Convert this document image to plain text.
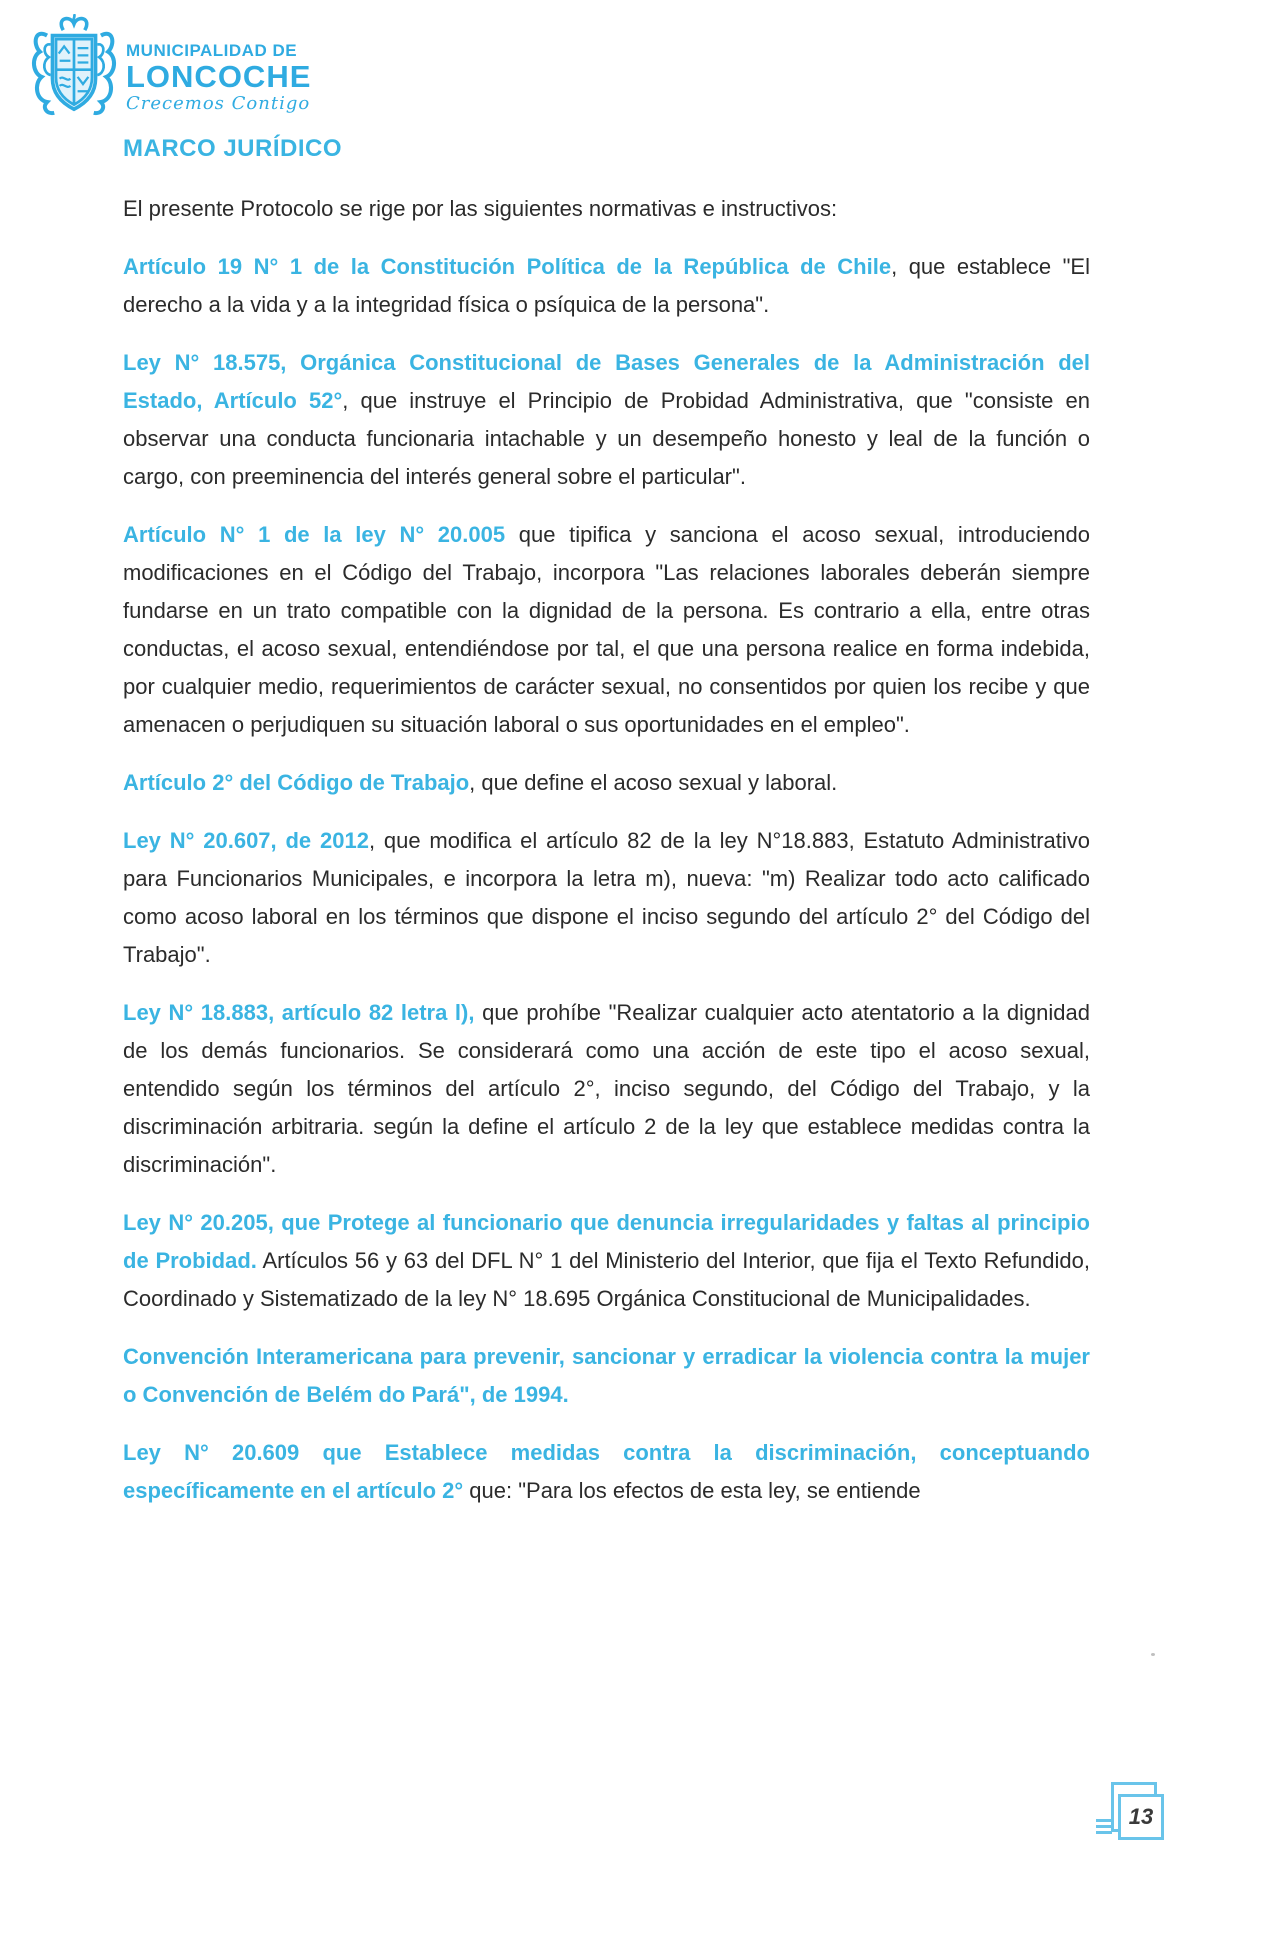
MUNICIPALIDAD DE
LONCOCHE
Crecemos Contigo
MARCO JURÍDICO

El presente Protocolo se rige por las siguientes normativas e instructivos:

Artículo 19 N° 1 de la Constitución Política de la República de Chile, que establece "El derecho a la vida y a la integridad física o psíquica de la persona".

Ley N° 18.575, Orgánica Constitucional de Bases Generales de la Administración del Estado, Artículo 52°, que instruye el Principio de Probidad Administrativa, que "consiste en observar una conducta funcionaria intachable y un desempeño honesto y leal de la función o cargo, con preeminencia del interés general sobre el particular".

Artículo N° 1 de la ley N° 20.005 que tipifica y sanciona el acoso sexual, introduciendo modificaciones en el Código del Trabajo, incorpora "Las relaciones laborales deberán siempre fundarse en un trato compatible con la dignidad de la persona. Es contrario a ella, entre otras conductas, el acoso sexual, entendiéndose por tal, el que una persona realice en forma indebida, por cualquier medio, requerimientos de carácter sexual, no consentidos por quien los recibe y que amenacen o perjudiquen su situación laboral o sus oportunidades en el empleo".

Artículo 2° del Código de Trabajo, que define el acoso sexual y laboral.

Ley N° 20.607, de 2012, que modifica el artículo 82 de la ley N°18.883, Estatuto Administrativo para Funcionarios Municipales, e incorpora la letra m), nueva: "m) Realizar todo acto calificado como acoso laboral en los términos que dispone el inciso segundo del artículo 2° del Código del Trabajo".

Ley N° 18.883, artículo 82 letra l), que prohíbe "Realizar cualquier acto atentatorio a la dignidad de los demás funcionarios. Se considerará como una acción de este tipo el acoso sexual, entendido según los términos del artículo 2°, inciso segundo, del Código del Trabajo, y la discriminación arbitraria. según la define el artículo 2 de la ley que establece medidas contra la discriminación".

Ley N° 20.205, que Protege al funcionario que denuncia irregularidades y faltas al principio de Probidad. Artículos 56 y 63 del DFL N° 1 del Ministerio del Interior, que fija el Texto Refundido, Coordinado y Sistematizado de la ley N° 18.695 Orgánica Constitucional de Municipalidades.

Convención Interamericana para prevenir, sancionar y erradicar la violencia contra la mujer o Convención de Belém do Pará", de 1994.

Ley N° 20.609 que Establece medidas contra la discriminación, conceptuando específicamente en el artículo 2° que: "Para los efectos de esta ley, se entiende

13
